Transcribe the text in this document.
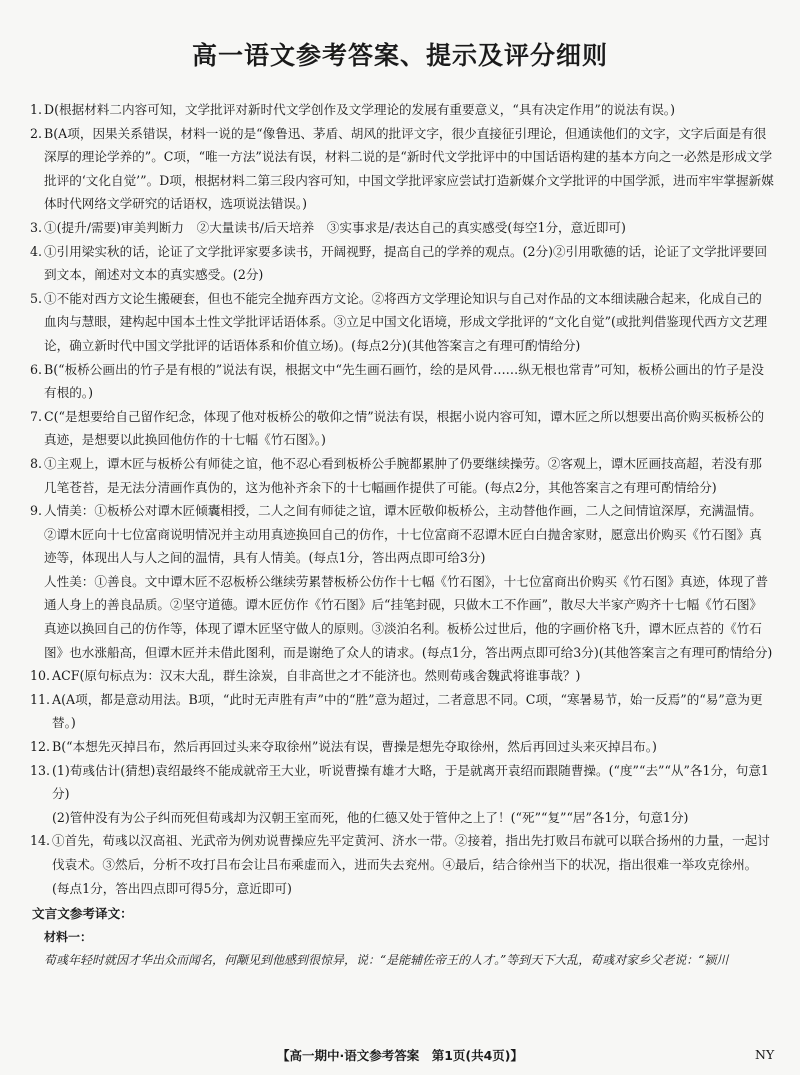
高一语文参考答案、提示及评分细则
1. D(根据材料二内容可知，文学批评对新时代文学创作及文学理论的发展有重要意义，“具有决定作用”的说法有误。)
2. B(A项，因果关系错误，材料一说的是“像鲁迅、茅盾、胡风的批评文字，很少直接征引理论，但通读他们的文字，文字后面是有很深厚的理论学养的”。C项，“唯一方法”说法有误，材料二说的是“新时代文学批评中的中国话语构建的基本方向之一必然是形成文学批评的‘文化自觉’”。D项，根据材料二第三段内容可知，中国文学批评家应尝试打造新媒介文学批评的中国学派，进而牢牢掌握新媒体时代网络文学研究的话语权，选项说法错误。)
3. ①(提升/需要)审美判断力　②大量读书/后天培养　③实事求是/表达自己的真实感受(每空1分，意近即可)
4. ①引用梁实秋的话，论证了文学批评家要多读书，开阔视野，提高自己的学养的观点。(2分)②引用歌德的话，论证了文学批评要回到文本，阐述对文本的真实感受。(2分)
5. ①不能对西方文论生搬硬套，但也不能完全抛弃西方文论。②将西方文学理论知识与自己对作品的文本细读融合起来，化成自己的血肉与慧眼，建构起中国本土性文学批评话语体系。③立足中国文化语境，形成文学批评的“文化自觉”(或批判借鉴现代西方文艺理论，确立新时代中国文学批评的话语体系和价值立场)。(每点2分)(其他答案言之有理可酌情给分)
6. B(“板桥公画出的竹子是有根的”说法有误，根据文中“先生画石画竹，绘的是风骨……纵无根也常青”可知，板桥公画出的竹子是没有根的。)
7. C(“是想要给自己留作纪念，体现了他对板桥公的敬仰之情”说法有误，根据小说内容可知，谭木匠之所以想要出高价购买板桥公的真迹，是想要以此换回他仿作的十七幅《竹石图》。)
8. ①主观上，谭木匠与板桥公有师徒之谊，他不忍心看到板桥公手腕都累肿了仍要继续操劳。②客观上，谭木匠画技高超，若没有那几笔苍苔，是无法分清画作真伪的，这为他补齐余下的十七幅画作提供了可能。(每点2分，其他答案言之有理可酌情给分)
9. 人情美：①板桥公对谭木匠倾囊相授，二人之间有师徒之谊，谭木匠敬仰板桥公，主动替他作画，二人之间情谊深厚，充满温情。②谭木匠向十七位富商说明情况并主动用真迹换回自己的仿作，十七位富商不忍谭木匠白白抛舍家财，愿意出价购买《竹石图》真迹等，体现出人与人之间的温情，具有人情美。(每点1分，答出两点即可给3分)
人性美：①善良。文中谭木匠不忍板桥公继续劳累替板桥公仿作十七幅《竹石图》，十七位富商出价购买《竹石图》真迹，体现了普通人身上的善良品质。②坚守道德。谭木匠仿作《竹石图》后“挂笔封砚，只做木工不作画”，散尽大半家产购齐十七幅《竹石图》真迹以换回自己的仿作等，体现了谭木匠坚守做人的原则。③淡泊名利。板桥公过世后，他的字画价格飞升，谭木匠点苔的《竹石图》也水涨船高，但谭木匠并未借此图利，而是谢绝了众人的请求。(每点1分，答出两点即可给3分)(其他答案言之有理可酌情给分)
10. ACF(原句标点为：汉末大乱，群生涂炭，自非高世之才不能济也。然则荀彧舍魏武将谁事哉？)
11. A(A项，都是意动用法。B项，“此时无声胜有声”中的“胜”意为超过，二者意思不同。C项，“寒暑易节，始一反焉”的“易”意为更替。)
12. B(“本想先灭掉吕布，然后再回过头来夺取徐州”说法有误，曹操是想先夺取徐州，然后再回过头来灭掉吕布。)
13. (1)荀彧估计(猜想)袁绍最终不能成就帝王大业，听说曹操有雄才大略，于是就离开袁绍而跟随曹操。(“度”“去”“从”各1分，句意1分)
(2)管仲没有为公子纠而死但荀彧却为汉朝王室而死，他的仁德又处于管仲之上了！(“死”“复”“居”各1分，句意1分)
14. ①首先，荀彧以汉高祖、光武帝为例劝说曹操应先平定黄河、济水一带。②接着，指出先打败吕布就可以联合扬州的力量，一起讨伐袁术。③然后，分析不攻打吕布会让吕布乘虚而入，进而失去兖州。④最后，结合徐州当下的状况，指出很难一举攻克徐州。(每点1分，答出四点即可得5分，意近即可)
文言文参考译文：
材料一：
荀彧年轻时就因才华出众而闻名，何颙见到他感到很惊异，说：“是能辅佐帝王的人才。”等到天下大乱，荀彧对家乡父老说：“颍川
【高一期中·语文参考答案　第1页(共4页)】	NY
